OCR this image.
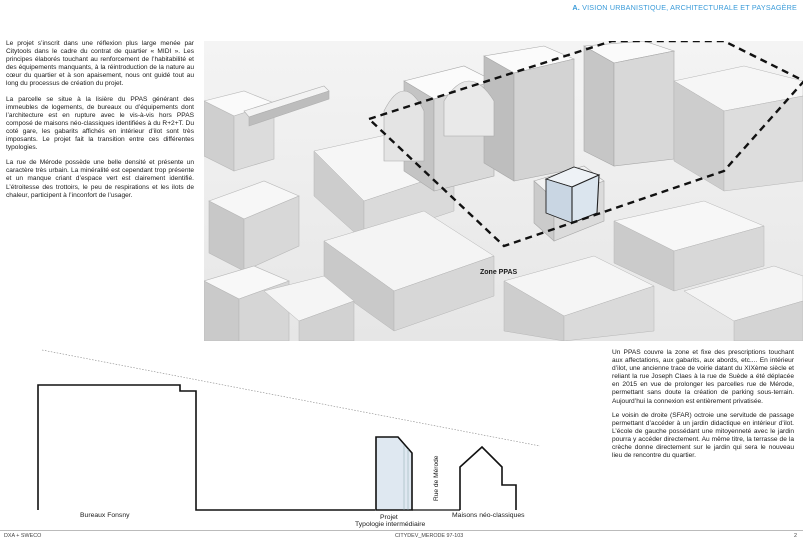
A. VISION URBANISTIQUE, ARCHITECTURALE ET PAYSAGÈRE

Le projet s’inscrit dans une réflexion plus large menée par Citytools dans le cadre du contrat de quartier « MIDI ». Les principes élaborés touchant au renforcement de l’habitabilité et des équipements manquants, à la réintroduction de la nature au cœur du quartier et à son apaisement, nous ont guidé tout au long du processus de création du projet.

La parcelle se situe à la lisière du PPAS générant des immeubles de logements, de bureaux ou d’équipements dont l’architecture est en rupture avec le vis-à-vis hors PPAS composé de maisons néo-classiques identifiées à du R+2+T. Du coté gare, les gabarits affichés en intérieur d’ilot sont très imposants. Le projet fait la transition entre ces différentes typologies.

La rue de Mérode possède une belle densité et présente un caractère très urbain. La minéralité est cependant trop présente et un manque criant d’espace vert est clairement identifié. L’étroitesse des trottoirs, le peu de respirations et les ilots de chaleur, participent à l’inconfort de l’usager.

Zone PPAS
Bureaux Fonsny	Projet
Typologie intermédiaire
Maisons néo-classiques
Rue de Mérode

Un PPAS couvre la zone et fixe des prescriptions touchant aux affectations, aux gabarits, aux abords, etc.... En intérieur d’ilot, une ancienne trace de voirie datant du XIXème siècle et reliant la rue Joseph Claes à la rue de Suède a été déplacée en 2015 en vue de prolonger les parcelles rue de Mérode, permettant sans doute la création de parking sous-terrain. Aujourd’hui la connexion est entièrement privatisée.

Le voisin de droite (SFAR) octroie une servitude de passage permettant d’accéder à un jardin didactique en intérieur d’ilot. L’école de gauche possédant une mitoyenneté avec le jardin pourra y accéder directement. Au même titre, la terrasse de la crèche donne directement sur le jardin qui sera le nouveau lieu de rencontre du quartier.

DXA + SWECO	CITYDEV_MERODE 97-103	2
